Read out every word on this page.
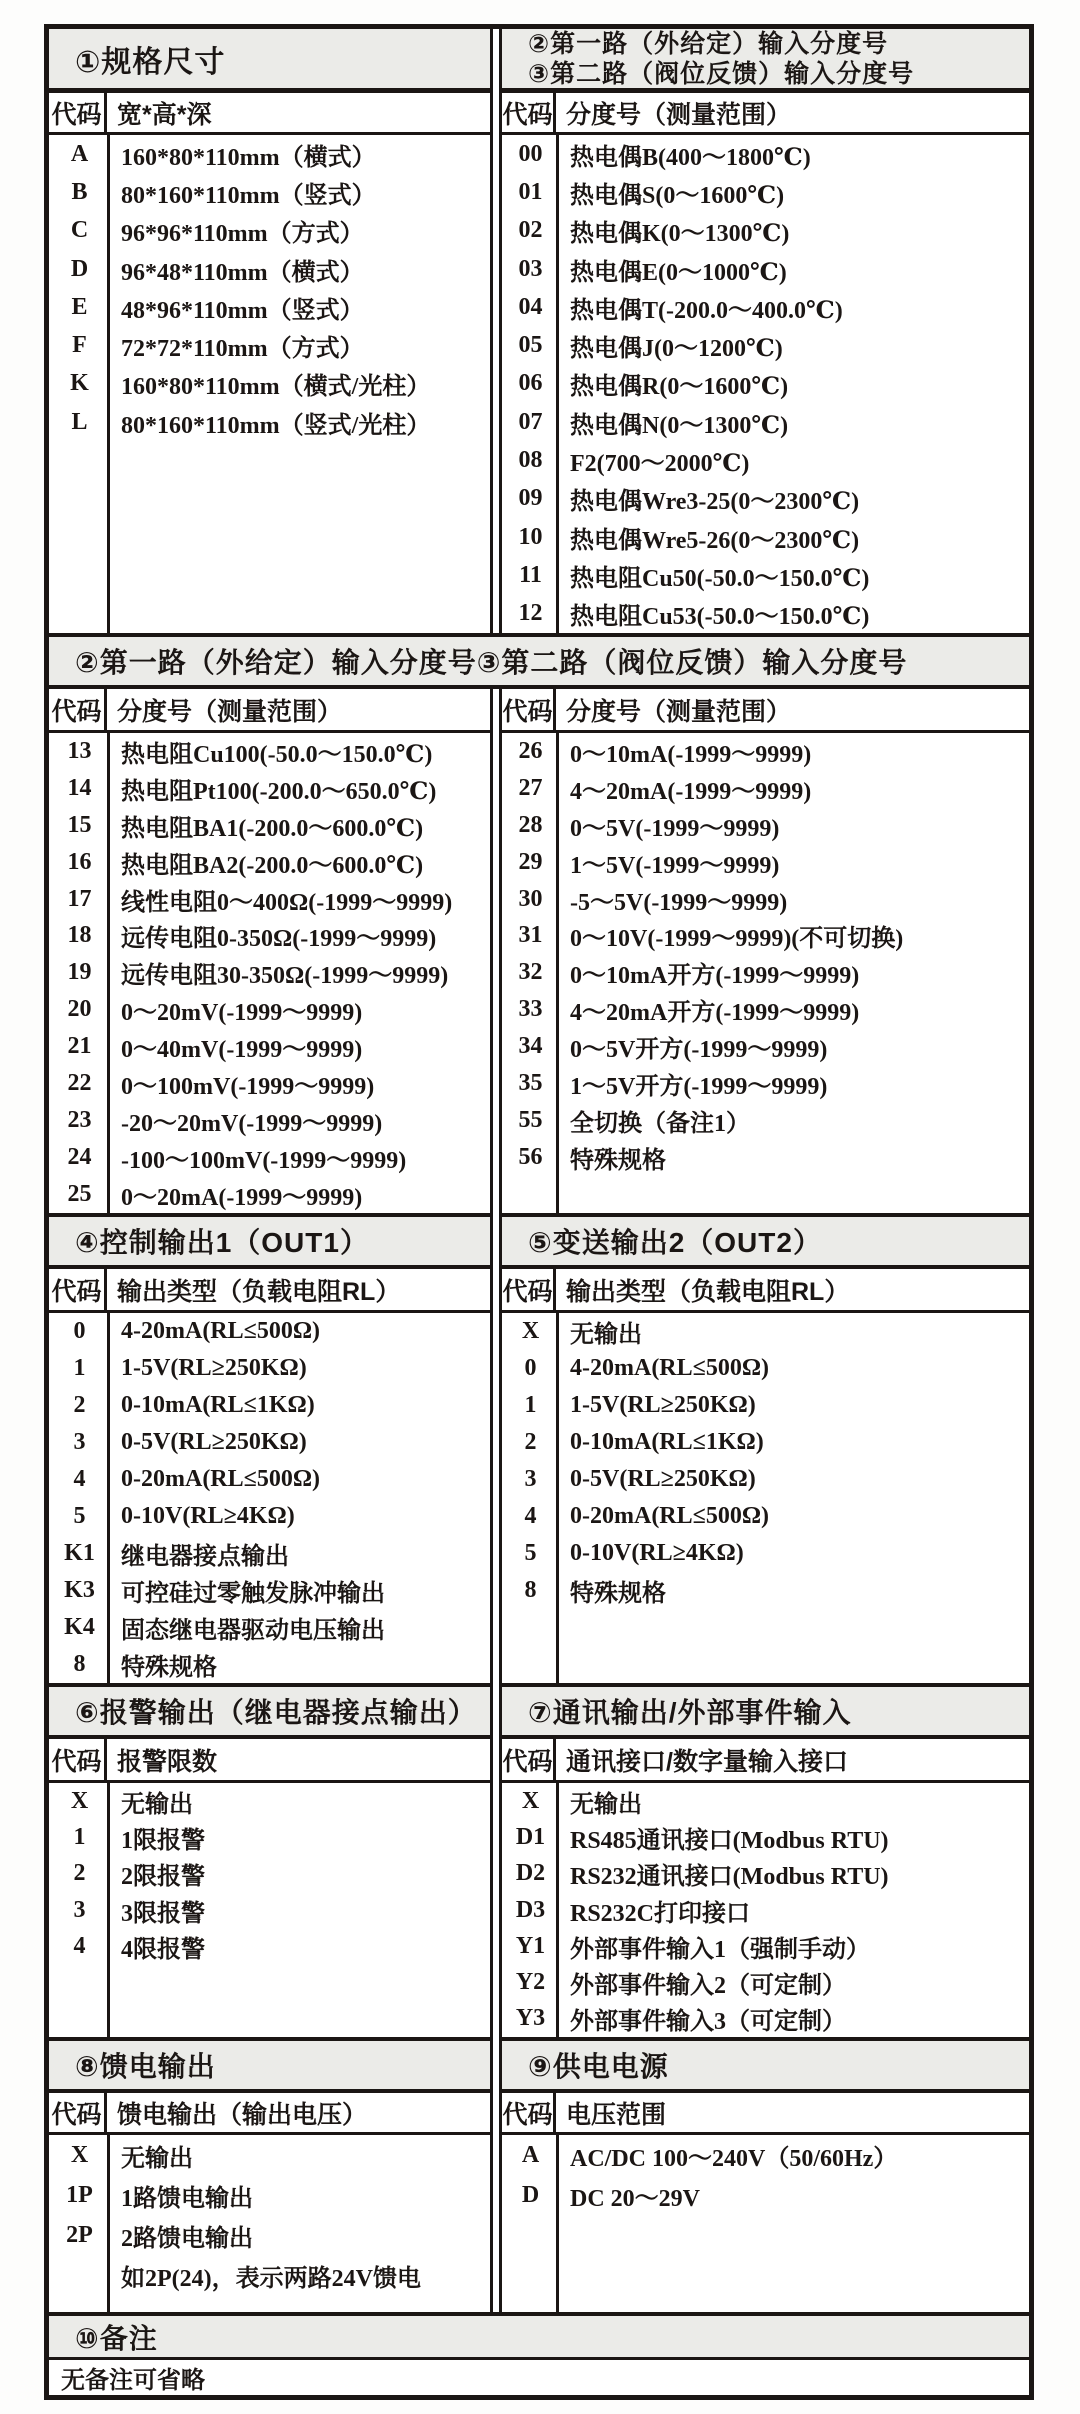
①规格尺寸
代码 宽*高*深
A	160*80*110mm（横式）
B	80*160*110mm（竖式）
C	96*96*110mm（方式）
D	96*48*110mm（横式）
E	48*96*110mm（竖式）
F	72*72*110mm（方式）
K	160*80*110mm（横式/光柱）
L	80*160*110mm（竖式/光柱）
②第一路（外给定）输入分度号
③第二路（阀位反馈）输入分度号
代码 分度号（测量范围）
00	热电偶B(400～1800℃)
01	热电偶S(0～1600℃)
02	热电偶K(0～1300℃)
03	热电偶E(0～1000℃)
04	热电偶T(-200.0～400.0℃)
05	热电偶J(0～1200℃)
06	热电偶R(0～1600℃)
07	热电偶N(0～1300℃)
08	F2(700～2000℃)
09	热电偶Wre3-25(0～2300℃)
10	热电偶Wre5-26(0～2300℃)
11	热电阻Cu50(-50.0～150.0℃)
12	热电阻Cu53(-50.0～150.0℃)
②第一路（外给定）输入分度号③第二路（阀位反馈）输入分度号
代码 分度号（测量范围）
13	热电阻Cu100(-50.0～150.0℃)
14	热电阻Pt100(-200.0～650.0℃)
15	热电阻BA1(-200.0～600.0℃)
16	热电阻BA2(-200.0～600.0℃)
17	线性电阻0～400Ω(-1999～9999)
18	远传电阻0-350Ω(-1999～9999)
19	远传电阻30-350Ω(-1999～9999)
20	0～20mV(-1999～9999)
21	0～40mV(-1999～9999)
22	0～100mV(-1999～9999)
23	-20～20mV(-1999～9999)
24	-100～100mV(-1999～9999)
25	0～20mA(-1999～9999)
代码 分度号（测量范围）
26	0～10mA(-1999～9999)
27	4～20mA(-1999～9999)
28	0～5V(-1999～9999)
29	1～5V(-1999～9999)
30	-5～5V(-1999～9999)
31	0～10V(-1999～9999)(不可切换)
32	0～10mA开方(-1999～9999)
33	4～20mA开方(-1999～9999)
34	0～5V开方(-1999～9999)
35	1～5V开方(-1999～9999)
55	全切换（备注1）
56	特殊规格
④控制输出1（OUT1）	⑤变送输出2（OUT2）
代码 输出类型（负载电阻RL）
0	4-20mA(RL≤500Ω)
1	1-5V(RL≥250KΩ)
2	0-10mA(RL≤1KΩ)
3	0-5V(RL≥250KΩ)
4	0-20mA(RL≤500Ω)
5	0-10V(RL≥4KΩ)
K1	继电器接点输出
K3	可控硅过零触发脉冲输出
K4	固态继电器驱动电压输出
8	特殊规格
代码 输出类型（负载电阻RL）
X	无输出
0	4-20mA(RL≤500Ω)
1	1-5V(RL≥250KΩ)
2	0-10mA(RL≤1KΩ)
3	0-5V(RL≥250KΩ)
4	0-20mA(RL≤500Ω)
5	0-10V(RL≥4KΩ)
8	特殊规格
⑥报警输出（继电器接点输出）	⑦通讯输出/外部事件输入
代码 报警限数
X	无输出
1	1限报警
2	2限报警
3	3限报警
4	4限报警
代码 通讯接口/数字量输入接口
X	无输出
D1	RS485通讯接口(Modbus RTU)
D2	RS232通讯接口(Modbus RTU)
D3	RS232C打印接口
Y1	外部事件输入1（强制手动）
Y2	外部事件输入2（可定制）
Y3	外部事件输入3（可定制）
⑧馈电输出	⑨供电电源
代码 馈电输出（输出电压）
X	无输出
1P	1路馈电输出
2P	2路馈电输出
如2P(24)，表示两路24V馈电
代码 电压范围
A	AC/DC 100～240V（50/60Hz）
D	DC 20～29V
⑩备注
无备注可省略
